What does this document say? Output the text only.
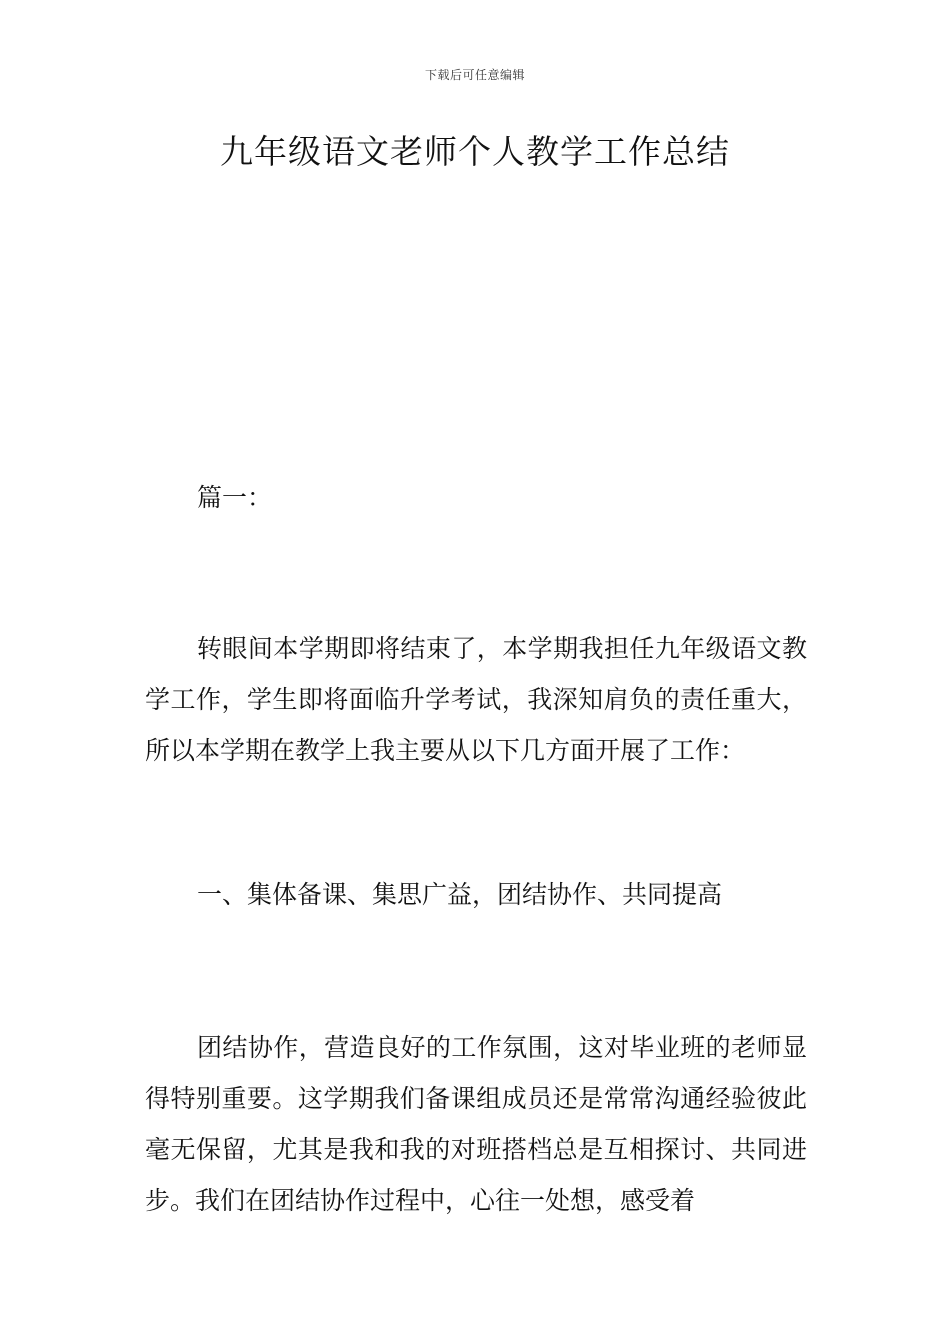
下载后可任意编辑
九年级语文老师个人教学工作总结

篇一：

转眼间本学期即将结束了，本学期我担任九年级语文教学工作，学生即将面临升学考试，我深知肩负的责任重大，所以本学期在教学上我主要从以下几方面开展了工作：

一、集体备课、集思广益，团结协作、共同提高

团结协作，营造良好的工作氛围，这对毕业班的老师显得特别重要。这学期我们备课组成员还是常常沟通经验彼此毫无保留，尤其是我和我的对班搭档总是互相探讨、共同进步。我们在团结协作过程中，心往一处想，感受着
